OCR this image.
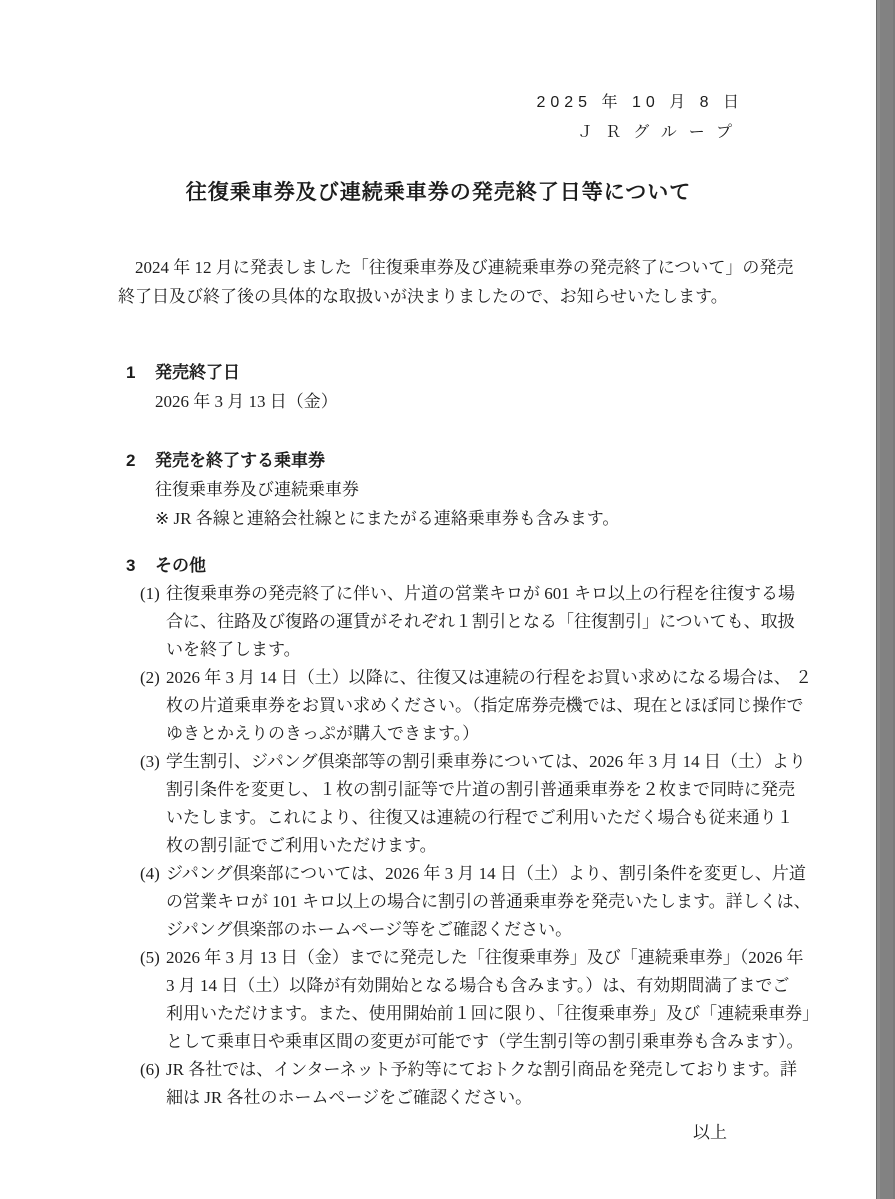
2025 年 10 月 8 日
ＪＲグループ
往復乗車券及び連続乗車券の発売終了日等について

　2024 年 12 月に発表しました「往復乗車券及び連続乗車券の発売終了について」の発売
終了日及び終了後の具体的な取扱いが決まりましたので、お知らせいたします。

1	発売終了日
2026 年 3 月 13 日（金）
2	発売を終了する乗車券
往復乗車券及び連続乗車券
※ JR 各線と連絡会社線とにまたがる連絡乗車券も含みます。
3	その他
(1) 往復乗車券の発売終了に伴い、片道の営業キロが 601 キロ以上の行程を往復する場
合に、往路及び復路の運賃がそれぞれ１割引となる「往復割引」についても、取扱
いを終了します。
(2) 2026 年 3 月 14 日（土）以降に、往復又は連続の行程をお買い求めになる場合は、 ２
枚の片道乗車券をお買い求めください。（指定席券売機では、現在とほぼ同じ操作で
ゆきとかえりのきっぷが購入できます。）
(3) 学生割引、ジパング倶楽部等の割引乗車券については、2026 年 3 月 14 日（土）より
割引条件を変更し、１枚の割引証等で片道の割引普通乗車券を２枚まで同時に発売
いたします。これにより、往復又は連続の行程でご利用いただく場合も従来通り１
枚の割引証でご利用いただけます。
(4) ジパング倶楽部については、2026 年 3 月 14 日（土）より、割引条件を変更し、片道
の営業キロが 101 キロ以上の場合に割引の普通乗車券を発売いたします。詳しくは、
ジパング倶楽部のホームページ等をご確認ください。
(5) 2026 年 3 月 13 日（金）までに発売した「往復乗車券」及び「連続乗車券」（2026 年
3 月 14 日（土）以降が有効開始となる場合も含みます。）は、有効期間満了までご
利用いただけます。また、使用開始前１回に限り、「往復乗車券」及び「連続乗車券」
として乗車日や乗車区間の変更が可能です（学生割引等の割引乗車券も含みます）。
(6) JR 各社では、インターネット予約等にておトクな割引商品を発売しております。詳
細は JR 各社のホームページをご確認ください。
以上
